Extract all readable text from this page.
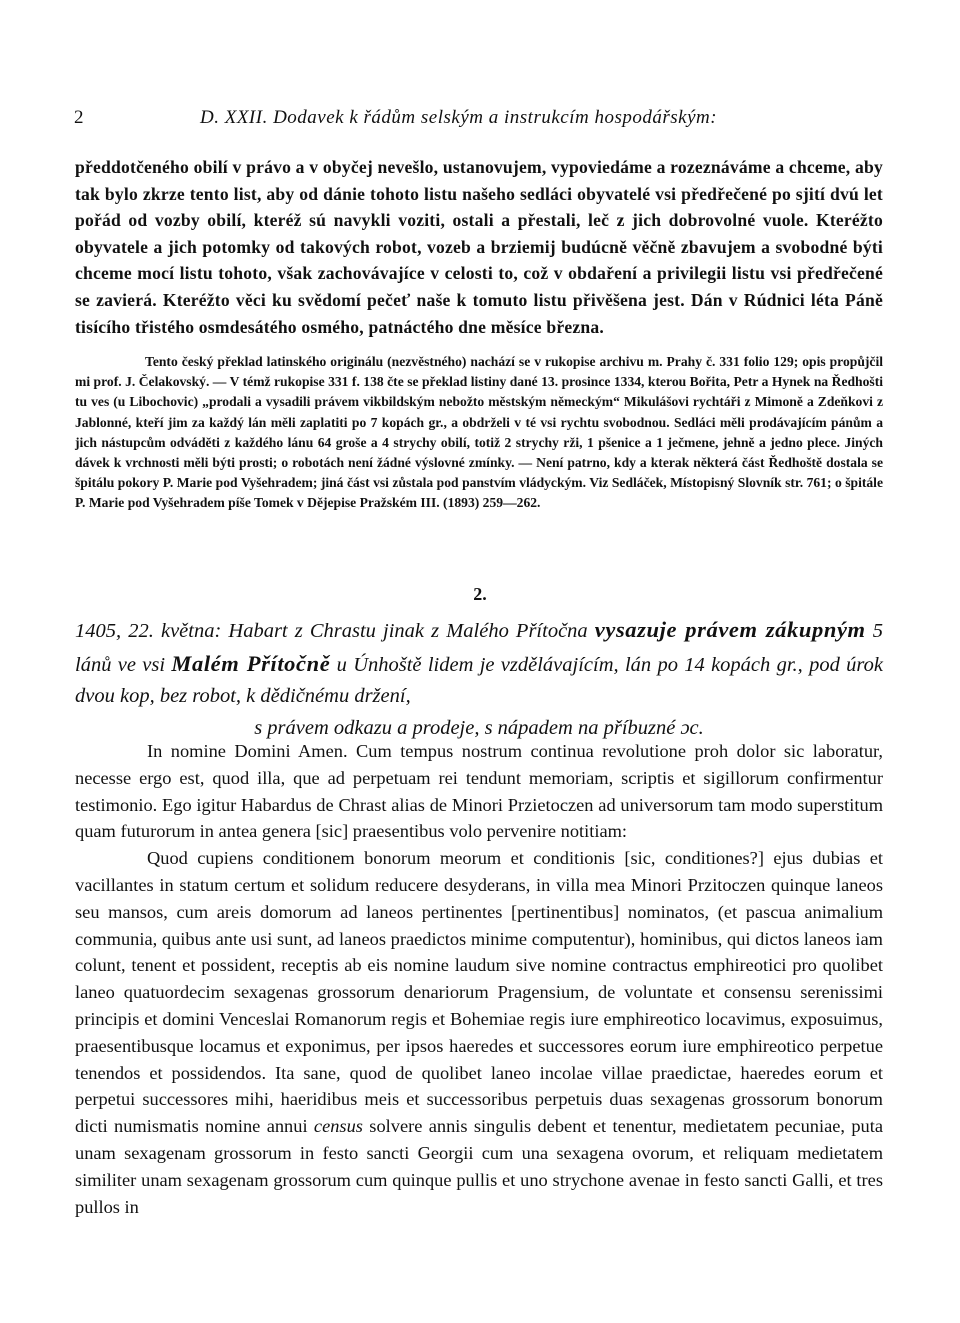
2	D. XXII. Dodavek k řádům selským a instrukcím hospodářským:
předdotčeného obilí v právo a v obyčej nevešlo, ustanovujem, vypoviedáme a rozeznáváme a chceme, aby tak bylo zkrze tento list, aby od dánie tohoto listu našeho sedláci obyvatelé vsi předřečené po sjití dvú let pořád od vozby obilí, kteréž sú navykli voziti, ostali a přestali, leč z jich dobrovolné vuole. Kteréžto obyvatele a jich potomky od takových robot, vozeb a brziemij budúcně věčně zbavujem a svobodné býti chceme mocí listu tohoto, však zachovávajíce v celosti to, což v obdaření a privilegii listu vsi předřečené se zavierá. Kteréžto věci ku svědomí pečeť naše k tomuto listu přivěšena jest. Dán v Rúdnici léta Páně tisícího třistého osmdesátého osmého, patnáctého dne měsíce března.

Tento český překlad latinského originálu (nezvěstného) nachází se v rukopise archivu m. Prahy č. 331 folio 129; opis propůjčil mi prof. J. Čelakovský. — V témž rukopise 331 f. 138 čte se překlad listiny dané 13. prosince 1334, kterou Bořita, Petr a Hynek na Ředhošti tu ves (u Libochovic) „prodali a vysadili právem vikbildským nebožto městským německým“ Mikulášovi rychtáři z Mimoně a Zdeňkovi z Jablonné, kteří jim za každý lán měli zaplatiti po 7 kopách gr., a obdrželi v té vsi rychtu svobodnou. Sedláci měli prodávajícím pánům a jich nástupcům odváděti z každého lánu 64 groše a 4 strychy obilí, totiž 2 strychy rži, 1 pšenice a 1 ječmene, jehně a jedno plece. Jiných dávek k vrchnosti měli býti prosti; o robotách není žádné výslovné zmínky. — Není patrno, kdy a kterak některá část Ředhoště dostala se špitálu pokory P. Marie pod Vyšehradem; jiná část vsi zůstala pod panstvím vládyckým. Viz Sedláček, Místopisný Slovník str. 761; o špitále P. Marie pod Vyšehradem píše Tomek v Dějepise Pražském III. (1893) 259—262.

2.
1405, 22. května: Habart z Chrastu jinak z Malého Přítočna vysazuje právem zákupným 5 lánů ve vsi Malém Přítočně u Únhoště lidem je vzdělávajícím, lán po 14 kopách gr., pod úrok dvou kop, bez robot, k dědičnému držení,
s právem odkazu a prodeje, s nápadem na příbuzné ɔc.

In nomine Domini Amen. Cum tempus nostrum continua revolutione proh dolor sic laboratur, necesse ergo est, quod illa, que ad perpetuam rei tendunt memoriam, scriptis et sigillorum confirmentur testimonio. Ego igitur Habardus de Chrast alias de Minori Przietoczen ad universorum tam modo superstitum quam futurorum in antea genera [sic] praesentibus volo pervenire notitiam:

Quod cupiens conditionem bonorum meorum et conditionis [sic, conditiones?] ejus dubias et vacillantes in statum certum et solidum reducere desyderans, in villa mea Minori Przitoczen quinque laneos seu mansos, cum areis domorum ad laneos pertinentes [pertinentibus] nominatos, (et pascua animalium communia, quibus ante usi sunt, ad laneos praedictos minime computentur), hominibus, qui dictos laneos iam colunt, tenent et possident, receptis ab eis nomine laudum sive nomine contractus emphireotici pro quolibet laneo quatuordecim sexagenas grossorum denariorum Pragensium, de voluntate et consensu serenissimi principis et domini Venceslai Romanorum regis et Bohemiae regis iure emphireotico locavimus, exposuimus, praesentibusque locamus et exponimus, per ipsos haeredes et successores eorum iure emphireotico perpetue tenendos et possidendos. Ita sane, quod de quolibet laneo incolae villae praedictae, haeredes eorum et perpetui successores mihi, haeridibus meis et successoribus perpetuis duas sexagenas grossorum bonorum dicti numismatis nomine annui census solvere annis singulis debent et tenentur, medietatem pecuniae, puta unam sexagenam grossorum in festo sancti Georgii cum una sexagena ovorum, et reliquam medietatem similiter unam sexagenam grossorum cum quinque pullis et uno strychone avenae in festo sancti Galli, et tres pullos in
